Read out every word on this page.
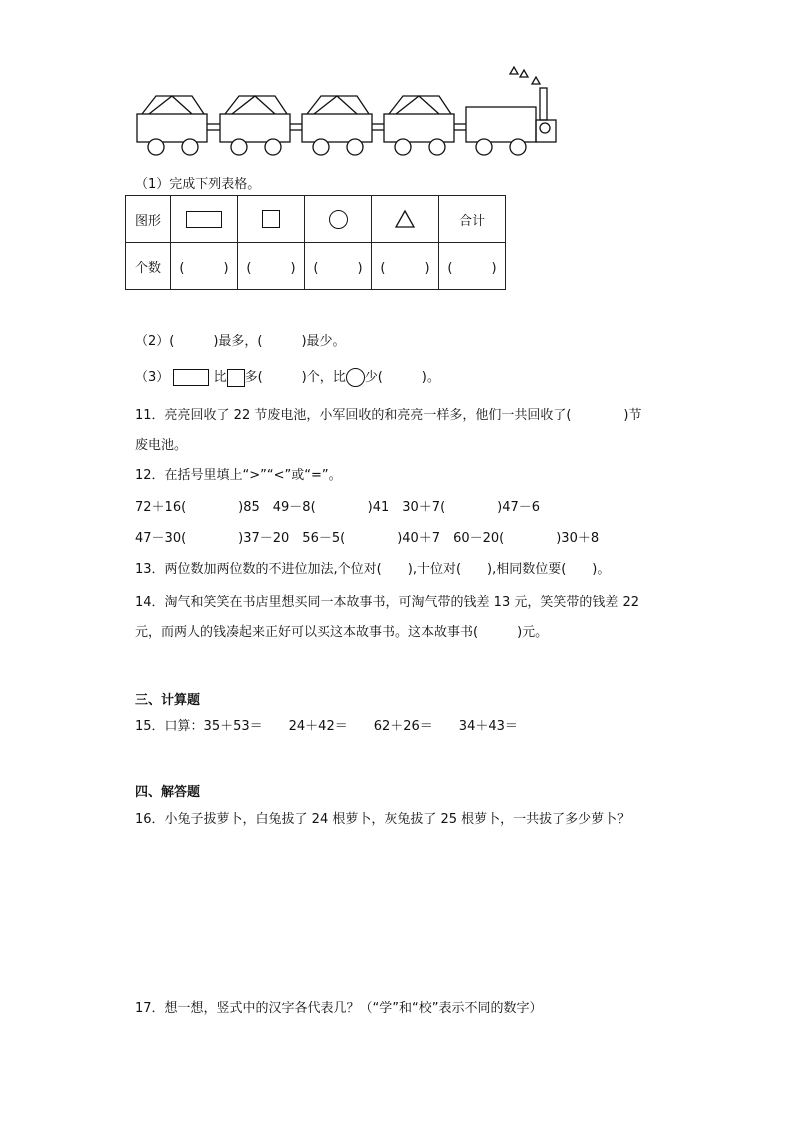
（1）完成下列表格。
图形					合计
个数	(　　　)	(　　　)	(　　　)	(　　　)	(　　　)
（2）(　　　)最多，(　　　)最少。
（3）	比 多(　　　)个，比 少(　　　)。
11．亮亮回收了 22 节废电池，小军回收的和亮亮一样多，他们一共回收了(　　　　)节
废电池。
12．在括号里填上“>”“<”或“=”。
72＋16(　　　　)85　49－8(　　　　)41　30＋7(　　　　)47－6
47－30(　　　　)37－20　56－5(　　　　)40＋7　60－20(　　　　)30＋8
13．两位数加两位数的不进位加法,个位对(　　),十位对(　　),相同数位要(　　)。
14．淘气和笑笑在书店里想买同一本故事书，可淘气带的钱差 13 元，笑笑带的钱差 22
元，而两人的钱凑起来正好可以买这本故事书。这本故事书(　　　)元。
三、计算题
15．口算：35＋53＝　　24＋42＝　　62＋26＝　　34＋43＝
四、解答题
16．小兔子拔萝卜，白兔拔了 24 根萝卜，灰兔拔了 25 根萝卜，一共拔了多少萝卜？
17．想一想，竖式中的汉字各代表几？（“学”和“校”表示不同的数字）
